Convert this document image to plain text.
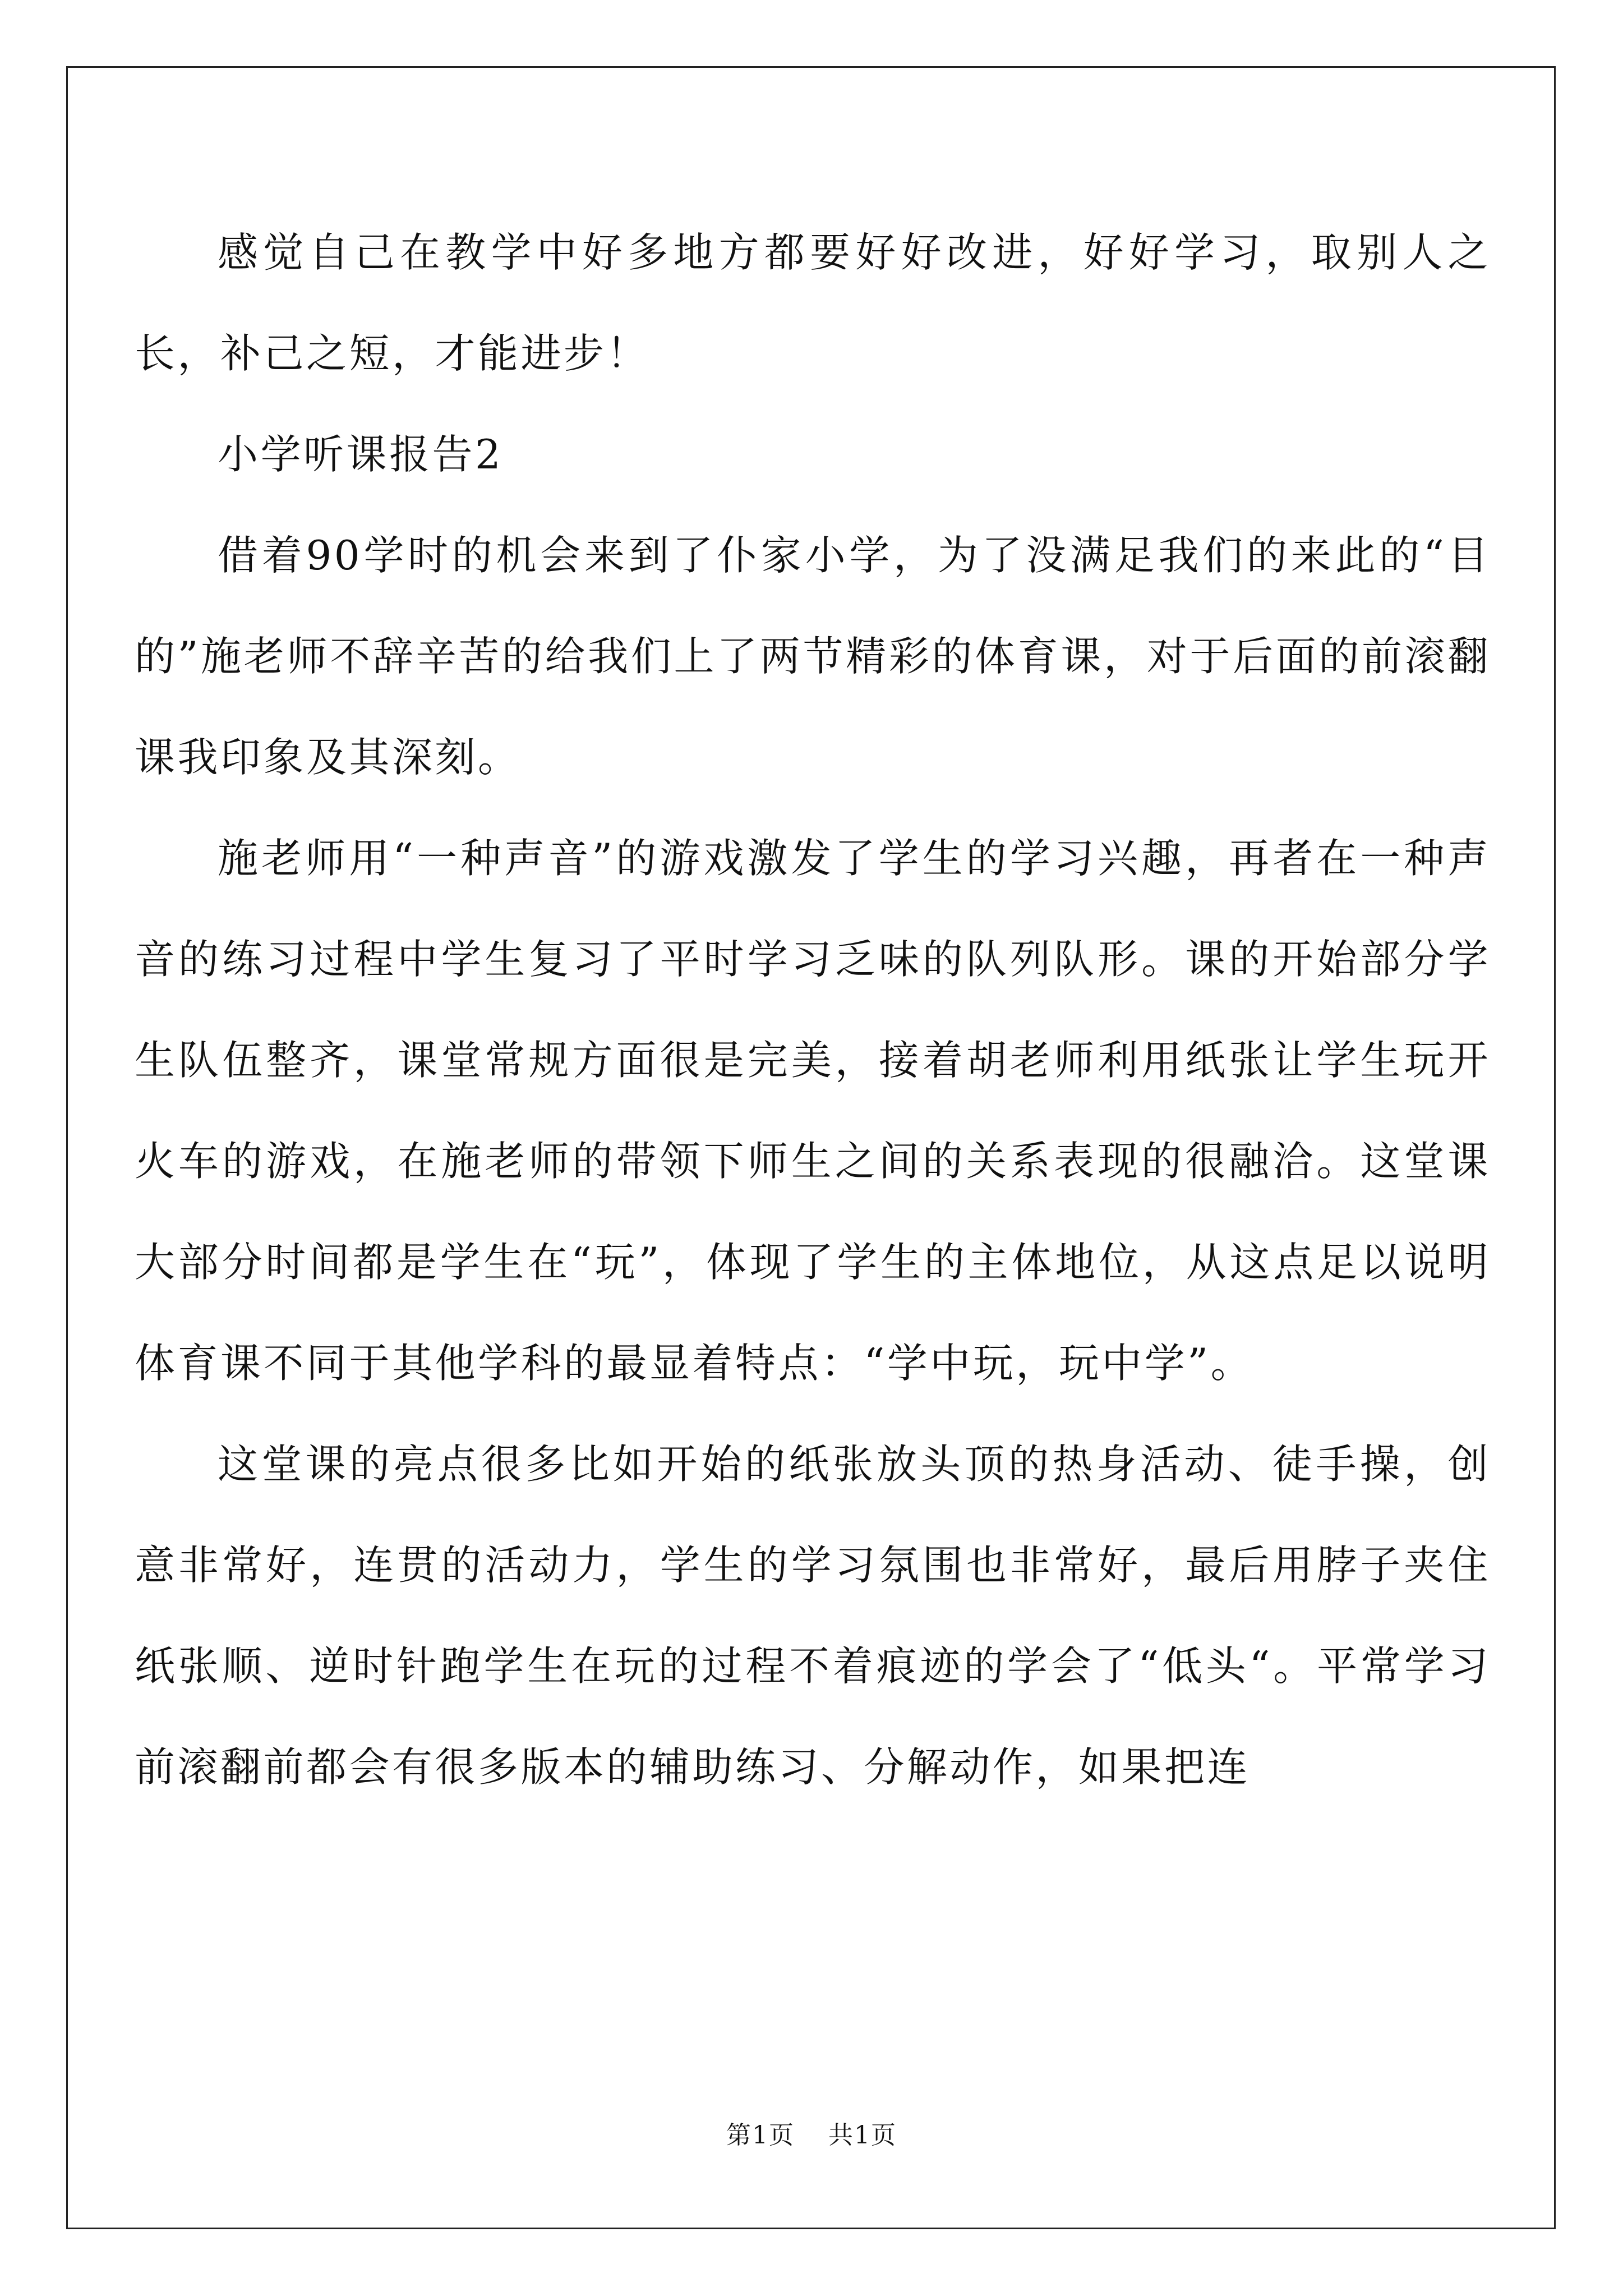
感觉自己在教学中好多地方都要好好改进，好好学习，取别人之长，补己之短，才能进步！

小学听课报告2

借着90学时的机会来到了仆家小学，为了没满足我们的来此的“目的”施老师不辞辛苦的给我们上了两节精彩的体育课，对于后面的前滚翻课我印象及其深刻。

施老师用“一种声音”的游戏激发了学生的学习兴趣，再者在一种声音的练习过程中学生复习了平时学习乏味的队列队形。课的开始部分学生队伍整齐，课堂常规方面很是完美，接着胡老师利用纸张让学生玩开火车的游戏，在施老师的带领下师生之间的关系表现的很融洽。这堂课大部分时间都是学生在“玩”，体现了学生的主体地位，从这点足以说明体育课不同于其他学科的最显着特点：“学中玩，玩中学”。

这堂课的亮点很多比如开始的纸张放头顶的热身活动、徒手操，创意非常好，连贯的活动力，学生的学习氛围也非常好，最后用脖子夹住纸张顺、逆时针跑学生在玩的过程不着痕迹的学会了“低头“。平常学习前滚翻前都会有很多版本的辅助练习、分解动作，如果把连

第1页 共1页
